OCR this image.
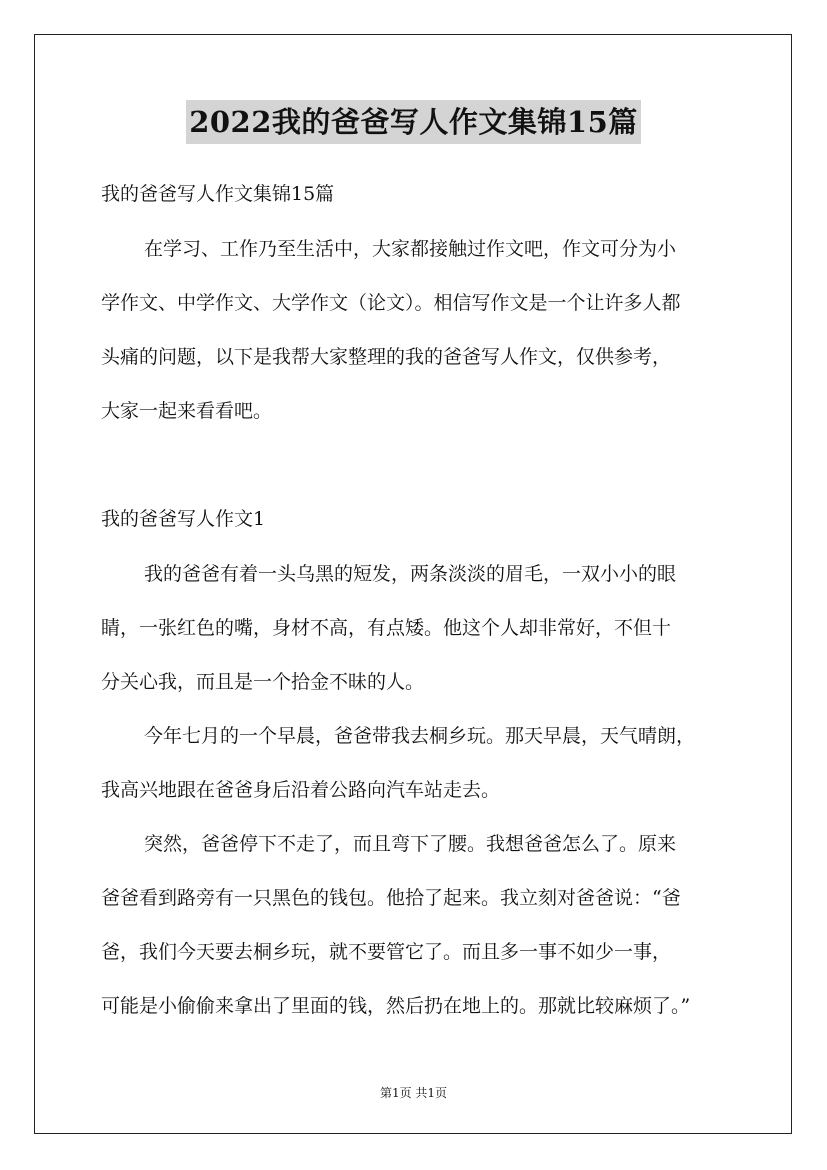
2022我的爸爸写人作文集锦15篇
我的爸爸写人作文集锦15篇
在学习、工作乃至生活中，大家都接触过作文吧，作文可分为小
学作文、中学作文、大学作文（论文）。相信写作文是一个让许多人都
头痛的问题，以下是我帮大家整理的我的爸爸写人作文，仅供参考，
大家一起来看看吧。
我的爸爸写人作文1
我的爸爸有着一头乌黑的短发，两条淡淡的眉毛，一双小小的眼
睛，一张红色的嘴，身材不高，有点矮。他这个人却非常好，不但十
分关心我，而且是一个拾金不昧的人。
今年七月的一个早晨，爸爸带我去桐乡玩。那天早晨，天气晴朗，
我高兴地跟在爸爸身后沿着公路向汽车站走去。
突然，爸爸停下不走了，而且弯下了腰。我想爸爸怎么了。原来
爸爸看到路旁有一只黑色的钱包。他拾了起来。我立刻对爸爸说：“爸
爸，我们今天要去桐乡玩，就不要管它了。而且多一事不如少一事，
可能是小偷偷来拿出了里面的钱，然后扔在地上的。那就比较麻烦了。”
第1页 共1页
